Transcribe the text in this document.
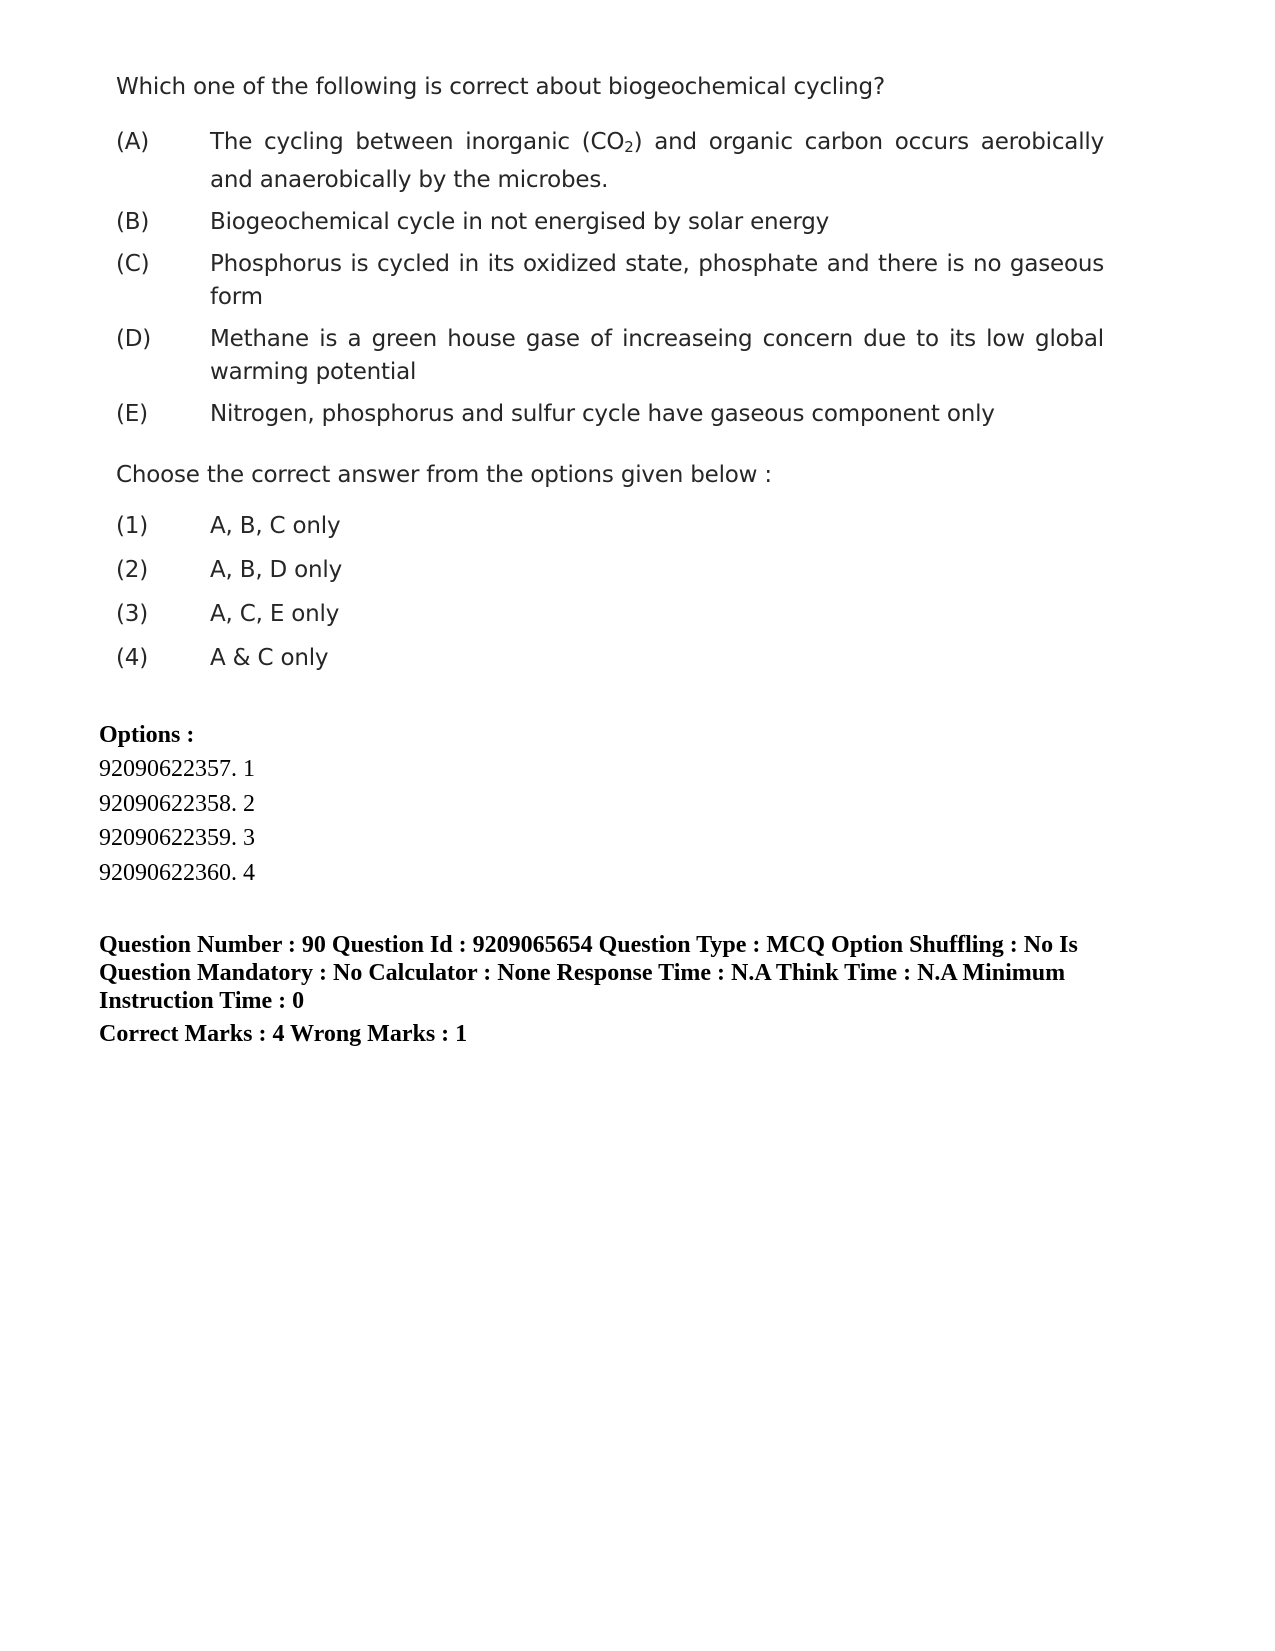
Which one of the following is correct about biogeochemical cycling?
(A)	The cycling between inorganic $(CO_2)$ and organic carbon occurs aerobically and anaerobically by the microbes.
(B)	Biogeochemical cycle in not energised by solar energy
(C)	Phosphorus is cycled in its oxidized state, phosphate and there is no gaseous form
(D)	Methane is a green house gase of increaseing concern due to its low global warming potential
(E)	Nitrogen, phosphorus and sulfur cycle have gaseous component only
Choose the correct answer from the options given below :
(1)	A, B, C only
(2)	A, B, D only
(3)	A, C, E only
(4)	A & C only
Options :
92090622357. 1
92090622358. 2
92090622359. 3
92090622360. 4
Question Number : 90 Question Id : 9209065654 Question Type : MCQ Option Shuffling : No Is
Question Mandatory : No Calculator : None Response Time : N.A Think Time : N.A Minimum
Instruction Time : 0
Correct Marks : 4 Wrong Marks : 1
